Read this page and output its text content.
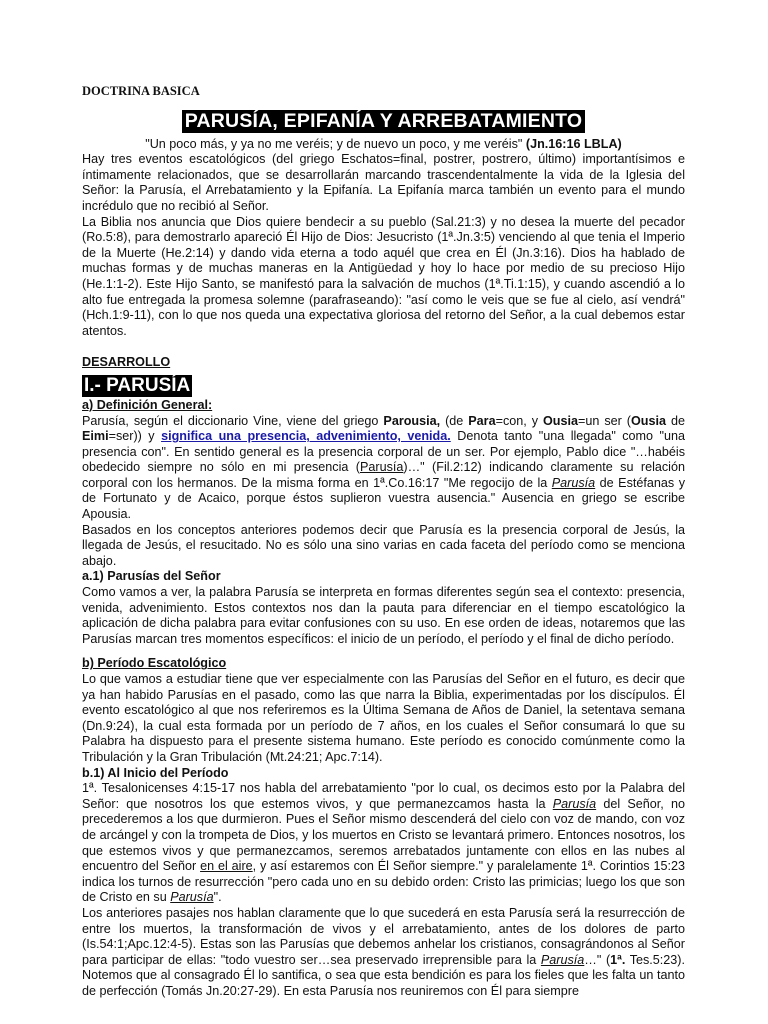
DOCTRINA BASICA
PARUSÍA, EPIFANÍA Y ARREBATAMIENTO

"Un poco más, y ya no me veréis; y de nuevo un poco, y me veréis" (Jn.16:16 LBLA)

Hay tres eventos escatológicos (del griego Eschatos=final, postrer, postrero, último) importantísimos e íntimamente relacionados, que se desarrollarán marcando trascendentalmente la vida de la Iglesia del Señor: la Parusía, el Arrebatamiento y la Epifanía. La Epifanía marca también un evento para el mundo incrédulo que no recibió al Señor.

La Biblia nos anuncia que Dios quiere bendecir a su pueblo (Sal.21:3) y no desea la muerte del pecador (Ro.5:8), para demostrarlo apareció Él Hijo de Dios: Jesucristo (1ª.Jn.3:5) venciendo al que tenia el Imperio de la Muerte (He.2:14) y dando vida eterna a todo aquél que crea en Él (Jn.3:16). Dios ha hablado de muchas formas y de muchas maneras en la Antigüedad y hoy lo hace por medio de su precioso Hijo (He.1:1-2). Este Hijo Santo, se manifestó para la salvación de muchos (1ª.Ti.1:15), y cuando ascendió a lo alto fue entregada la promesa solemne (parafraseando): "así como le veis que se fue al cielo, así vendrá" (Hch.1:9-11), con lo que nos queda una expectativa gloriosa del retorno del Señor, a la cual debemos estar atentos.

DESARROLLO

I.- PARUSÍA

a) Definición General:

Parusía, según el diccionario Vine, viene del griego Parousia, (de Para=con, y Ousia=un ser (Ousia de Eimi=ser)) y significa una presencia, advenimiento, venida. Denota tanto "una llegada" como "una presencia con". En sentido general es la presencia corporal de un ser. Por ejemplo, Pablo dice "…habéis obedecido siempre no sólo en mi presencia (Parusía)…" (Fil.2:12) indicando claramente su relación corporal con los hermanos. De la misma forma en 1ª.Co.16:17 "Me regocijo de la Parusía de Estéfanas y de Fortunato y de Acaico, porque éstos suplieron vuestra ausencia." Ausencia en griego se escribe Apousia.

Basados en los conceptos anteriores podemos decir que Parusía es la presencia corporal de Jesús, la llegada de Jesús, el resucitado. No es sólo una sino varias en cada faceta del período como se menciona abajo.

a.1) Parusías del Señor

Como vamos a ver, la palabra Parusía se interpreta en formas diferentes según sea el contexto: presencia, venida, advenimiento. Estos contextos nos dan la pauta para diferenciar en el tiempo escatológico la aplicación de dicha palabra para evitar confusiones con su uso. En ese orden de ideas, notaremos que las Parusías marcan tres momentos específicos: el inicio de un período, el período y el final de dicho período.

b) Período Escatológico

Lo que vamos a estudiar tiene que ver especialmente con las Parusías del Señor en el futuro, es decir que ya han habido Parusías en el pasado, como las que narra la Biblia, experimentadas por los discípulos. Él evento escatológico al que nos referiremos es la Última Semana de Años de Daniel, la setentava semana (Dn.9:24), la cual esta formada por un período de 7 años, en los cuales el Señor consumará lo que su Palabra ha dispuesto para el presente sistema humano. Este período es conocido comúnmente como la Tribulación y la Gran Tribulación (Mt.24:21; Apc.7:14).

b.1) Al Inicio del Período

1ª. Tesalonicenses 4:15-17 nos habla del arrebatamiento "por lo cual, os decimos esto por la Palabra del Señor: que nosotros los que estemos vivos, y que permanezcamos hasta la Parusía del Señor, no precederemos a los que durmieron. Pues el Señor mismo descenderá del cielo con voz de mando, con voz de arcángel y con la trompeta de Dios, y los muertos en Cristo se levantará primero. Entonces nosotros, los que estemos vivos y que permanezcamos, seremos arrebatados juntamente con ellos en las nubes al encuentro del Señor en el aire, y así estaremos con Él Señor siempre." y paralelamente 1ª. Corintios 15:23 indica los turnos de resurrección "pero cada uno en su debido orden: Cristo las primicias; luego los que son de Cristo en su Parusía".

Los anteriores pasajes nos hablan claramente que lo que sucederá en esta Parusía será la resurrección de entre los muertos, la transformación de vivos y el arrebatamiento, antes de los dolores de parto (Is.54:1;Apc.12:4-5). Estas son las Parusías que debemos anhelar los cristianos, consagrándonos al Señor para participar de ellas: "todo vuestro ser…sea preservado irreprensible para la Parusía…" (1ª. Tes.5:23). Notemos que al consagrado Él lo santifica, o sea que esta bendición es para los fieles que les falta un tanto de perfección (Tomás Jn.20:27-29). En esta Parusía nos reuniremos con Él para siempre
